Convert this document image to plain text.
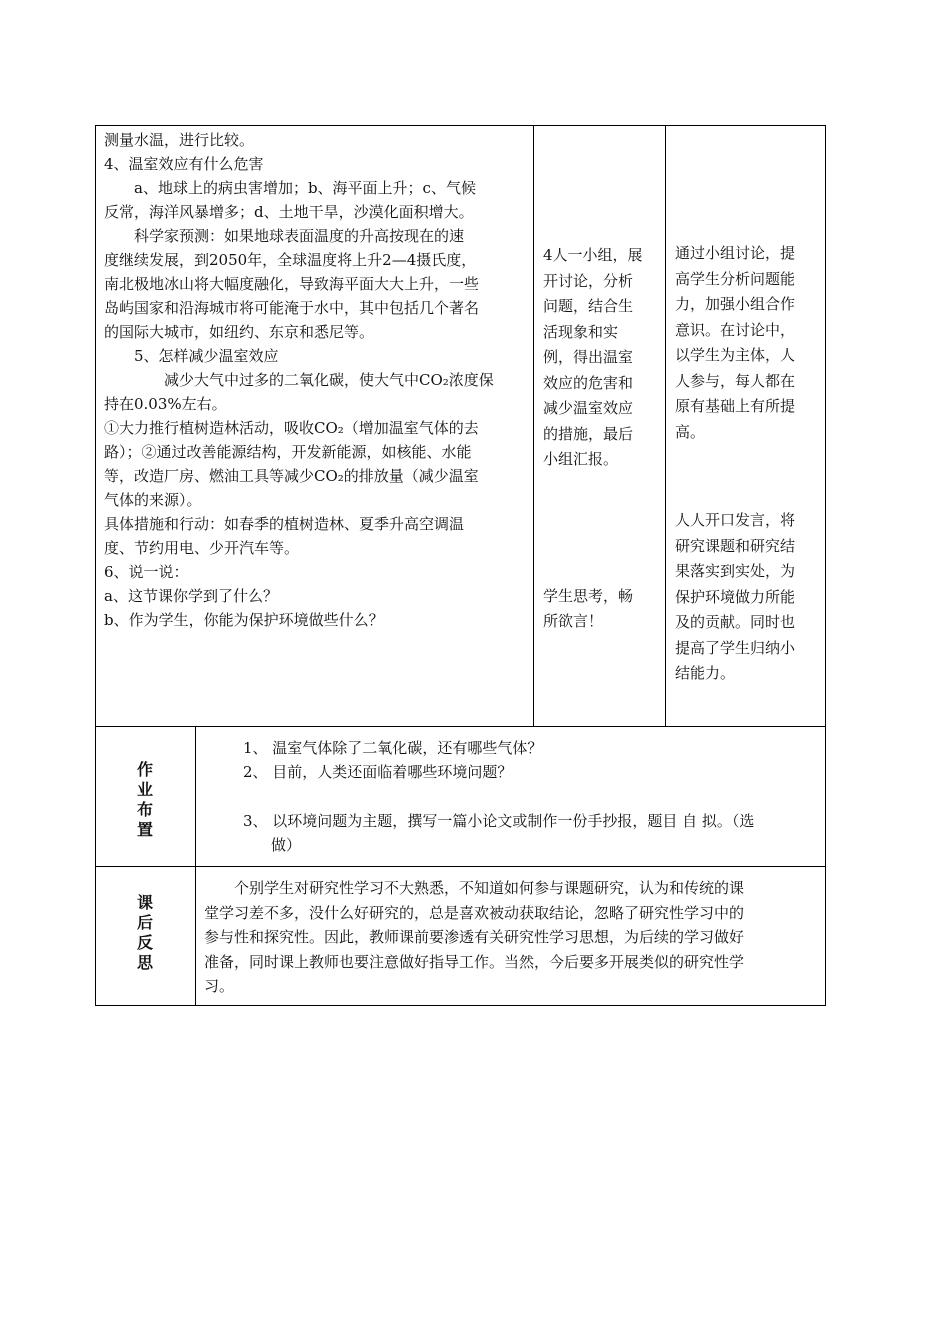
测量水温，进行比较。

4、温室效应有什么危害

a、地球上的病虫害增加；b、海平面上升；c、气候

反常，海洋风暴增多；d、土地干旱，沙漠化面积增大。

科学家预测：如果地球表面温度的升高按现在的速

度继续发展，到2050年，全球温度将上升2—4摄氏度，

南北极地冰山将大幅度融化，导致海平面大大上升，一些

岛屿国家和沿海城市将可能淹于水中，其中包括几个著名

的国际大城市，如纽约、东京和悉尼等。

5、怎样减少温室效应

减少大气中过多的二氧化碳，使大气中CO₂浓度保

持在0.03%左右。

①大力推行植树造林活动，吸收CO₂（增加温室气体的去

路）；②通过改善能源结构，开发新能源，如核能、水能

等，改造厂房、燃油工具等减少CO₂的排放量（减少温室

气体的来源）。

具体措施和行动：如春季的植树造林、夏季升高空调温

度、节约用电、少开汽车等。

6、说一说：

a、这节课你学到了什么？

b、作为学生，你能为保护环境做些什么？

4人一小组，展

开讨论，分析

问题，结合生

活现象和实

例，得出温室

效应的危害和

减少温室效应

的措施，最后

小组汇报。

学生思考，畅

所欲言！

通过小组讨论，提

高学生分析问题能

力，加强小组合作

意识。在讨论中，

以学生为主体，人

人参与，每人都在

原有基础上有所提

高。

人人开口发言，将

研究课题和研究结

果落实到实处，为

保护环境做力所能

及的贡献。同时也

提高了学生归纳小

结能力。

作
业
布
置

1、 温室气体除了二氧化碳，还有哪些气体？

2、 目前，人类还面临着哪些环境问题？

3、 以环境问题为主题，撰写一篇小论文或制作一份手抄报，题目 自 拟。（选

做）

课
后
反
思

个别学生对研究性学习不大熟悉，不知道如何参与课题研究，认为和传统的课

堂学习差不多，没什么好研究的，总是喜欢被动获取结论，忽略了研究性学习中的

参与性和探究性。因此，教师课前要渗透有关研究性学习思想，为后续的学习做好

准备，同时课上教师也要注意做好指导工作。当然，今后要多开展类似的研究性学

习。
